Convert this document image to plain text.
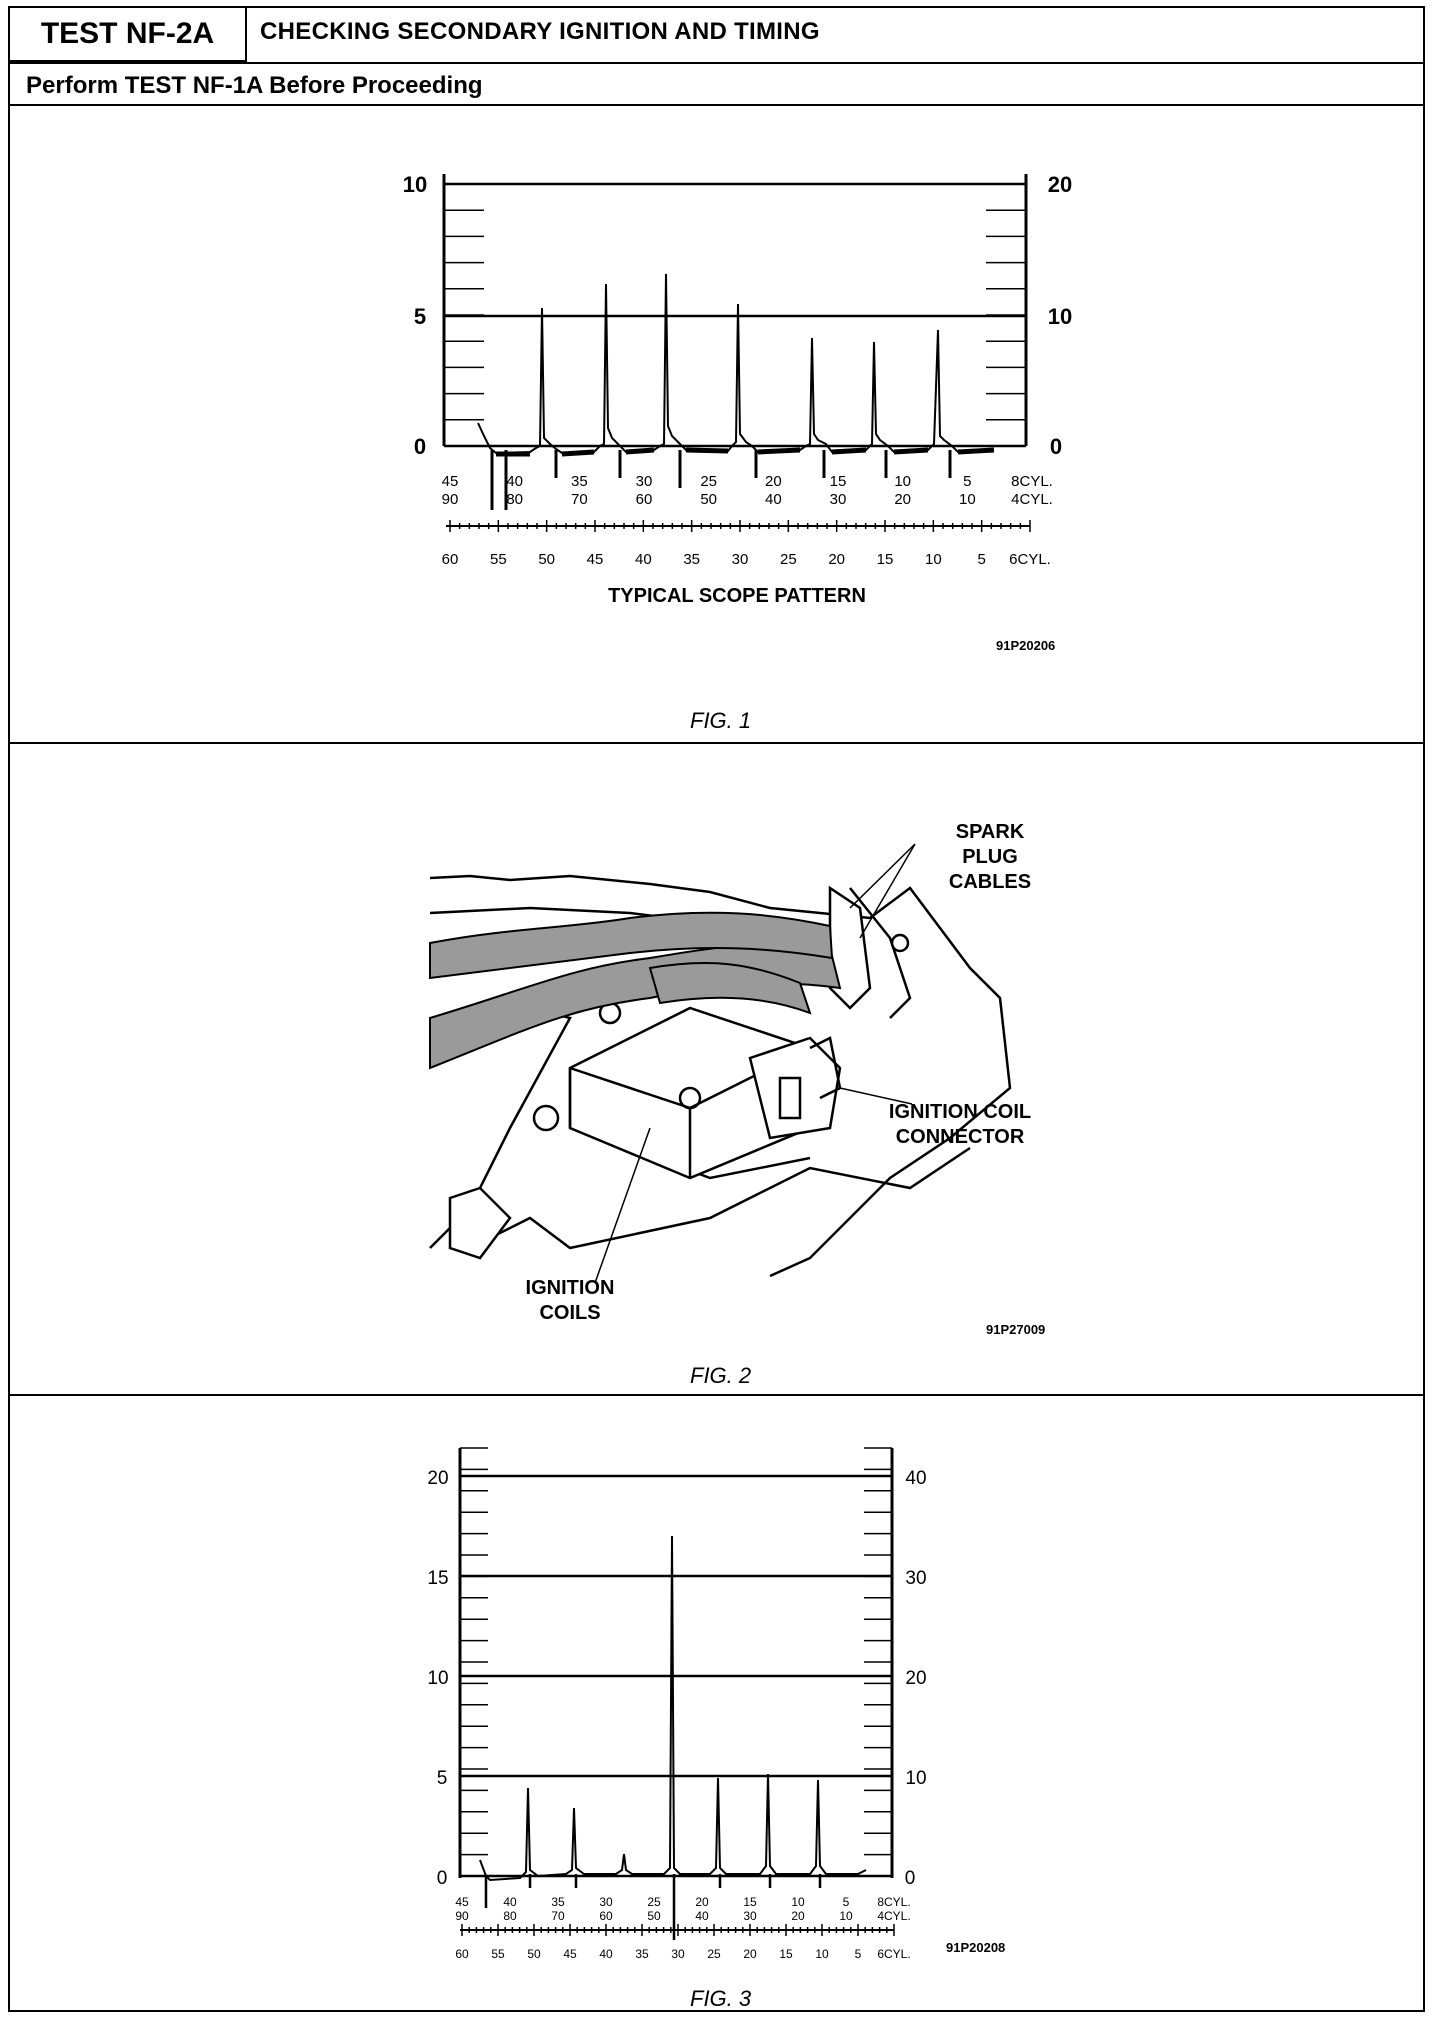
TEST NF-2A	CHECKING SECONDARY IGNITION AND TIMING
Perform TEST NF-1A Before Proceeding
10
5
0
20
10
0
45	40	35	30	25	20	15	10	5	8CYL.
90	80	70	60	50	40	30	20	10 4CYL.
60 55 50 45 40 35 30 25 20 15 10 5 6CYL.
TYPICAL SCOPE PATTERN
91P20206
FIG. 1
SPARK PLUG CABLES
IGNITION COIL CONNECTOR
IGNITION COILS
91P27009
FIG. 2
20
15
10
5
0
40
30
20
10
0
45	40	35	30	25	20	15	10	5 8CYL.
90	80	70	60	50	40	30	20	10 4CYL.
60 55 50 45 40 35 30 25 20 15 10 5 6CYL.	91P20208
FIG. 3
